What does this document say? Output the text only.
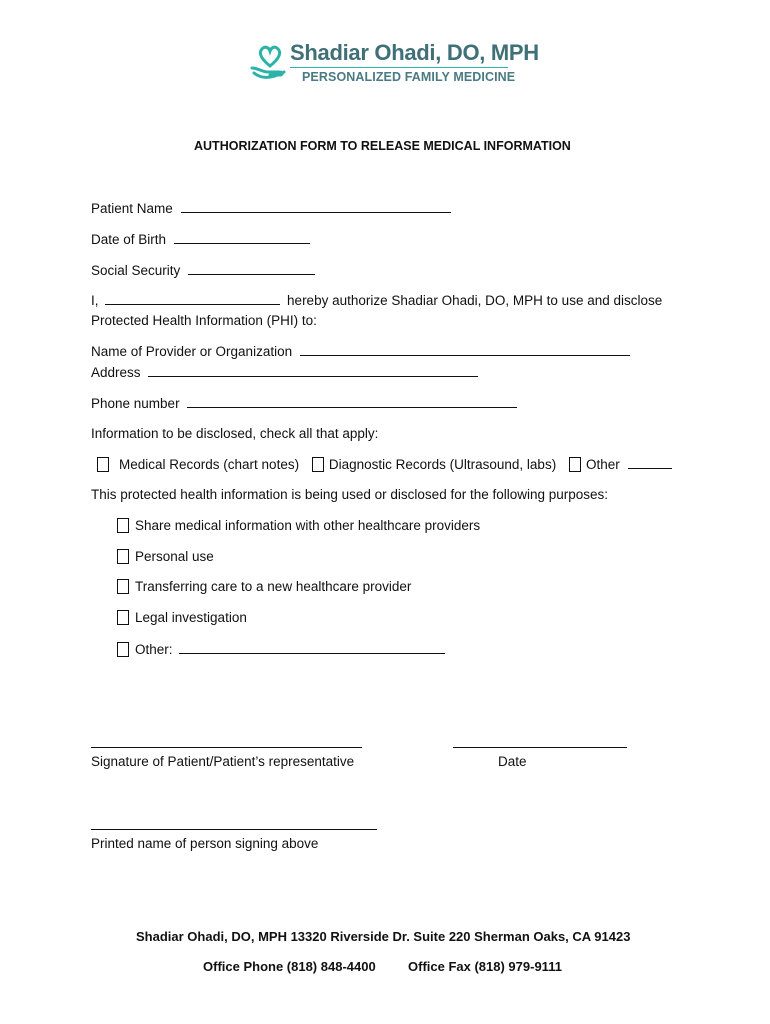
Shadiar Ohadi, DO, MPH
PERSONALIZED FAMILY MEDICINE
AUTHORIZATION FORM TO RELEASE MEDICAL INFORMATION
Patient Name
Date of Birth
Social Security
I,	hereby authorize Shadiar Ohadi, DO, MPH to use and disclose
Protected Health Information (PHI) to:
Name of Provider or Organization
Address
Phone number
Information to be disclosed, check all that apply:
Medical Records (chart notes) Diagnostic Records (Ultrasound, labs) Other
This protected health information is being used or disclosed for the following purposes:
Share medical information with other healthcare providers
Personal use
Transferring care to a new healthcare provider
Legal investigation
Other:
Signature of Patient/Patient’s representative	Date
Printed name of person signing above
Shadiar Ohadi, DO, MPH 13320 Riverside Dr. Suite 220 Sherman Oaks, CA 91423
Office Phone (818) 848-4400 Office Fax (818) 979-9111
